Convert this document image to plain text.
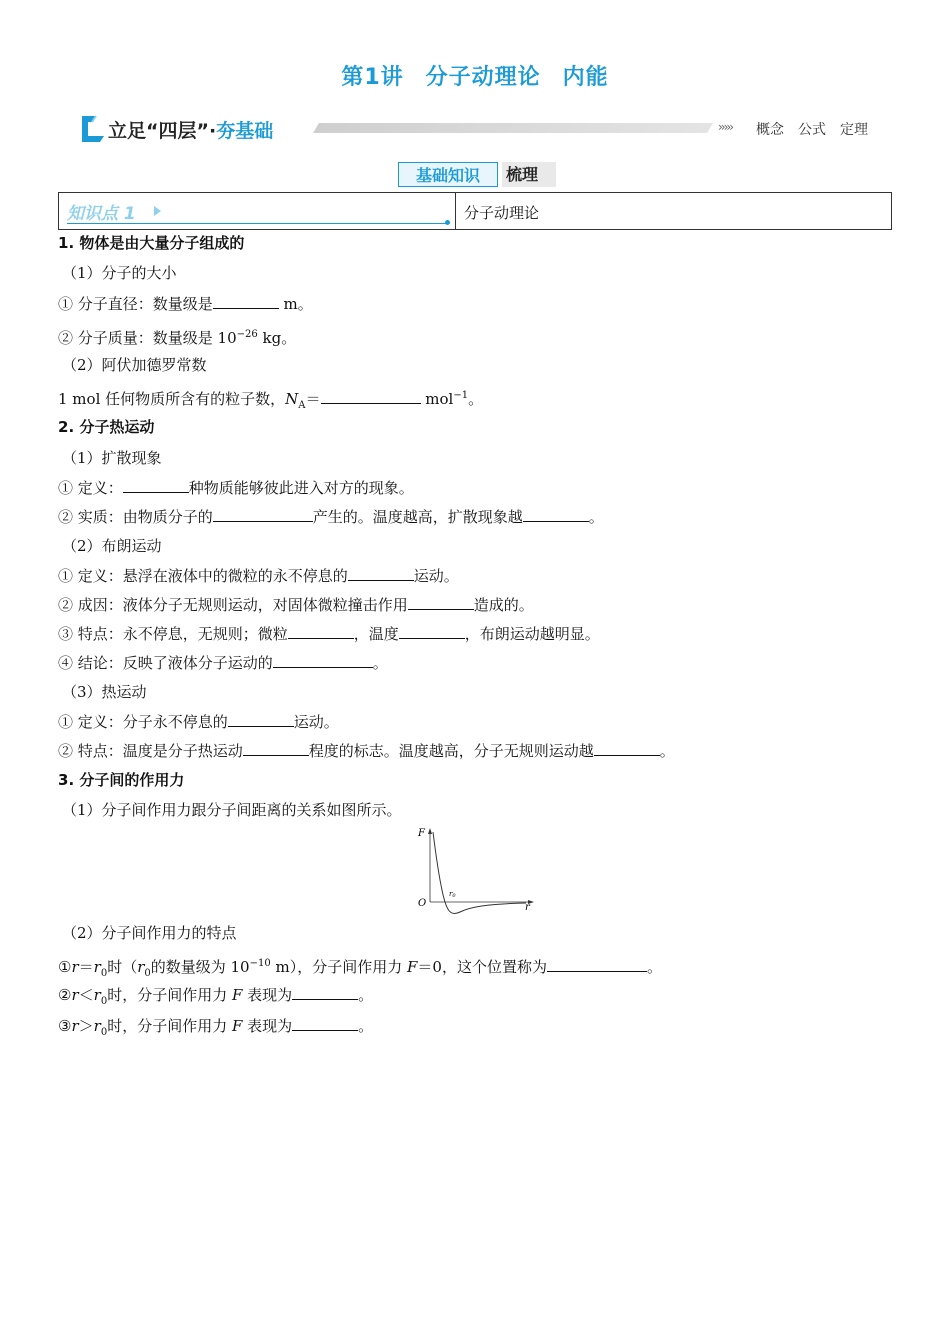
第1讲 分子动理论 内能
立足“四层”·夯基础	››››› 概念 公式 定理
基础知识	梳理
知识点 1	分子动理论
1. 物体是由大量分子组成的
（1）分子的大小
① 分子直径：数量级是	m。
② 分子质量：数量级是 $10^{-26}$ kg。
（2）阿伏加德罗常数
1 mol 任何物质所含有的粒子数，$N_A=$	mol$^{-1}$。
2. 分子热运动
（1）扩散现象
① 定义：	种物质能够彼此进入对方的现象。
② 实质：由物质分子的	产生的。温度越高，扩散现象越	。
（2）布朗运动
① 定义：悬浮在液体中的微粒的永不停息的	运动。
② 成因：液体分子无规则运动，对固体微粒撞击作用	造成的。
③ 特点：永不停息，无规则；微粒	，温度	，布朗运动越明显。
④ 结论：反映了液体分子运动的	。
（3）热运动
① 定义：分子永不停息的	运动。
② 特点：温度是分子热运动	程度的标志。温度越高，分子无规则运动越	。
3. 分子间的作用力
（1）分子间作用力跟分子间距离的关系如图所示。
F
r
O
r0
（2）分子间作用力的特点
$①r=r_0$时（$r_0$的数量级为 $10^{-10}$ m），分子间作用力 F＝0，这个位置称为	。
$②r<r_0$时，分子间作用力 F 表现为	。
$③r>r_0$时，分子间作用力 F 表现为	。
